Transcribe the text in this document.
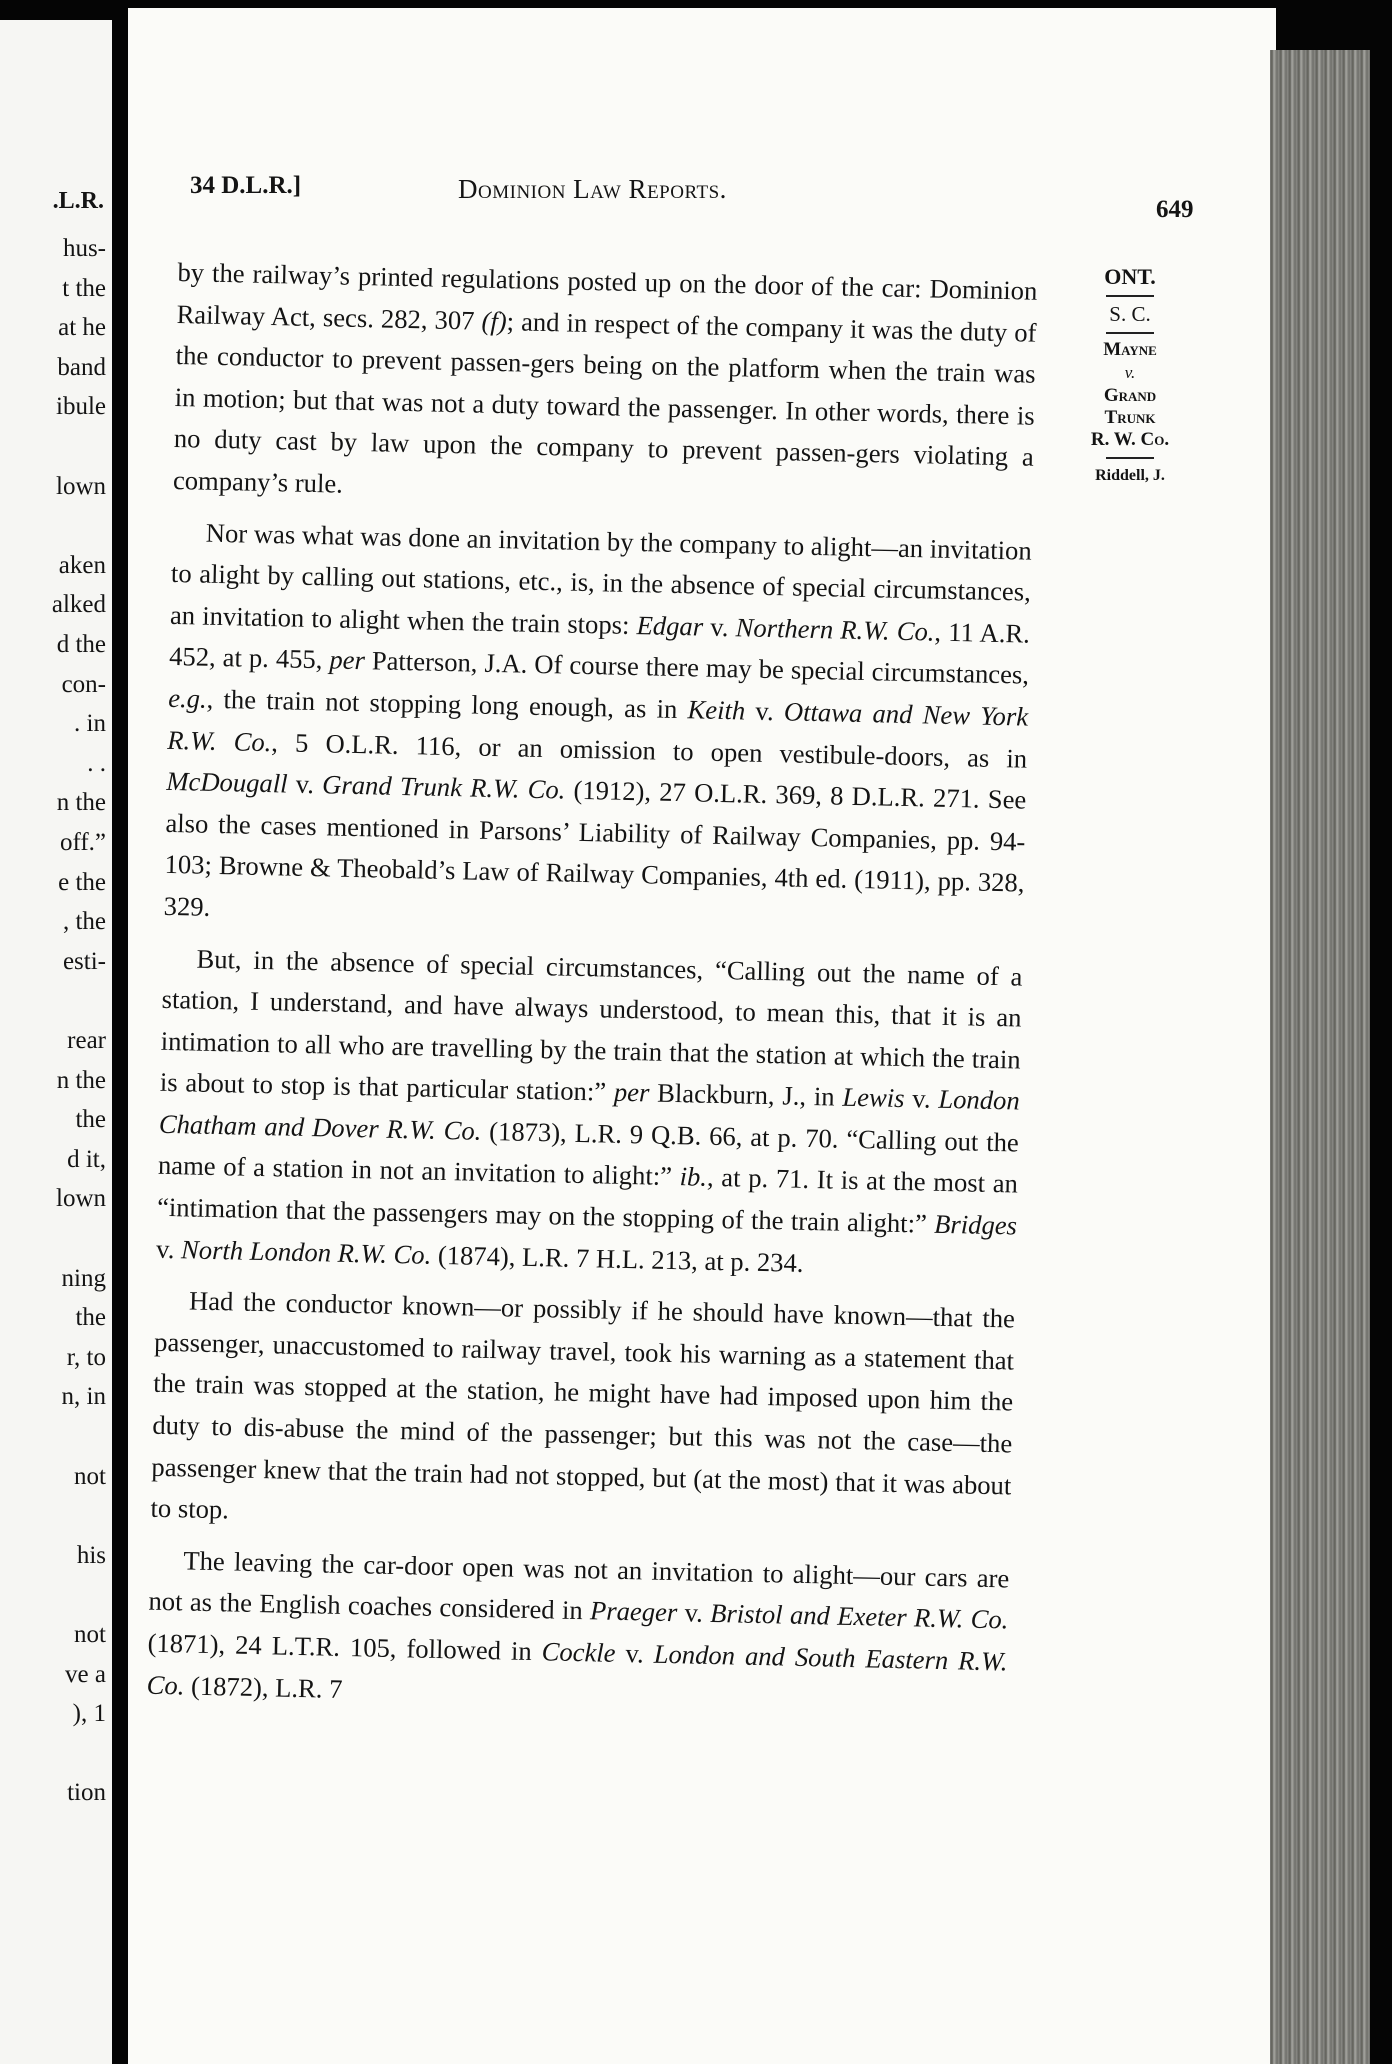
.L.R.
hus-
t the
at he
band
ibule
lown
aken
alked
d the
con-
. in
. .
n the
off.”
e the
, the
esti-
rear
n the
the
d it,
lown
ning
the
r, to
n, in
not
his
not
ve a
), 1
tion
34 D.L.R.]	Dominion Law Reports.
649
ONT.
S. C.
Mayne
v.
Grand
Trunk
R. W. Co.
Riddell, J.

by the railway’s printed regulations posted up on the door of the car: Dominion Railway Act, secs. 282, 307 (f); and in respect of the company it was the duty of the conductor to prevent passen-gers being on the platform when the train was in motion; but that was not a duty toward the passenger. In other words, there is no duty cast by law upon the company to prevent passen-gers violating a company’s rule.

Nor was what was done an invitation by the company to alight—an invitation to alight by calling out stations, etc., is, in the absence of special circumstances, an invitation to alight when the train stops: Edgar v. Northern R.W. Co., 11 A.R. 452, at p. 455, per Patterson, J.A. Of course there may be special circumstances, e.g., the train not stopping long enough, as in Keith v. Ottawa and New York R.W. Co., 5 O.L.R. 116, or an omission to open vestibule-doors, as in McDougall v. Grand Trunk R.W. Co. (1912), 27 O.L.R. 369, 8 D.L.R. 271. See also the cases mentioned in Parsons’ Liability of Railway Companies, pp. 94-103; Browne & Theobald’s Law of Railway Companies, 4th ed. (1911), pp. 328, 329.

But, in the absence of special circumstances, “Calling out the name of a station, I understand, and have always understood, to mean this, that it is an intimation to all who are travelling by the train that the station at which the train is about to stop is that particular station:” per Blackburn, J., in Lewis v. London Chatham and Dover R.W. Co. (1873), L.R. 9 Q.B. 66, at p. 70. “Calling out the name of a station in not an invitation to alight:” ib., at p. 71. It is at the most an “intimation that the passengers may on the stopping of the train alight:” Bridges v. North London R.W. Co. (1874), L.R. 7 H.L. 213, at p. 234.

Had the conductor known—or possibly if he should have known—that the passenger, unaccustomed to railway travel, took his warning as a statement that the train was stopped at the station, he might have had imposed upon him the duty to dis-abuse the mind of the passenger; but this was not the case—the passenger knew that the train had not stopped, but (at the most) that it was about to stop.

The leaving the car-door open was not an invitation to alight—our cars are not as the English coaches considered in Praeger v. Bristol and Exeter R.W. Co. (1871), 24 L.T.R. 105, followed in Cockle v. London and South Eastern R.W. Co. (1872), L.R. 7
